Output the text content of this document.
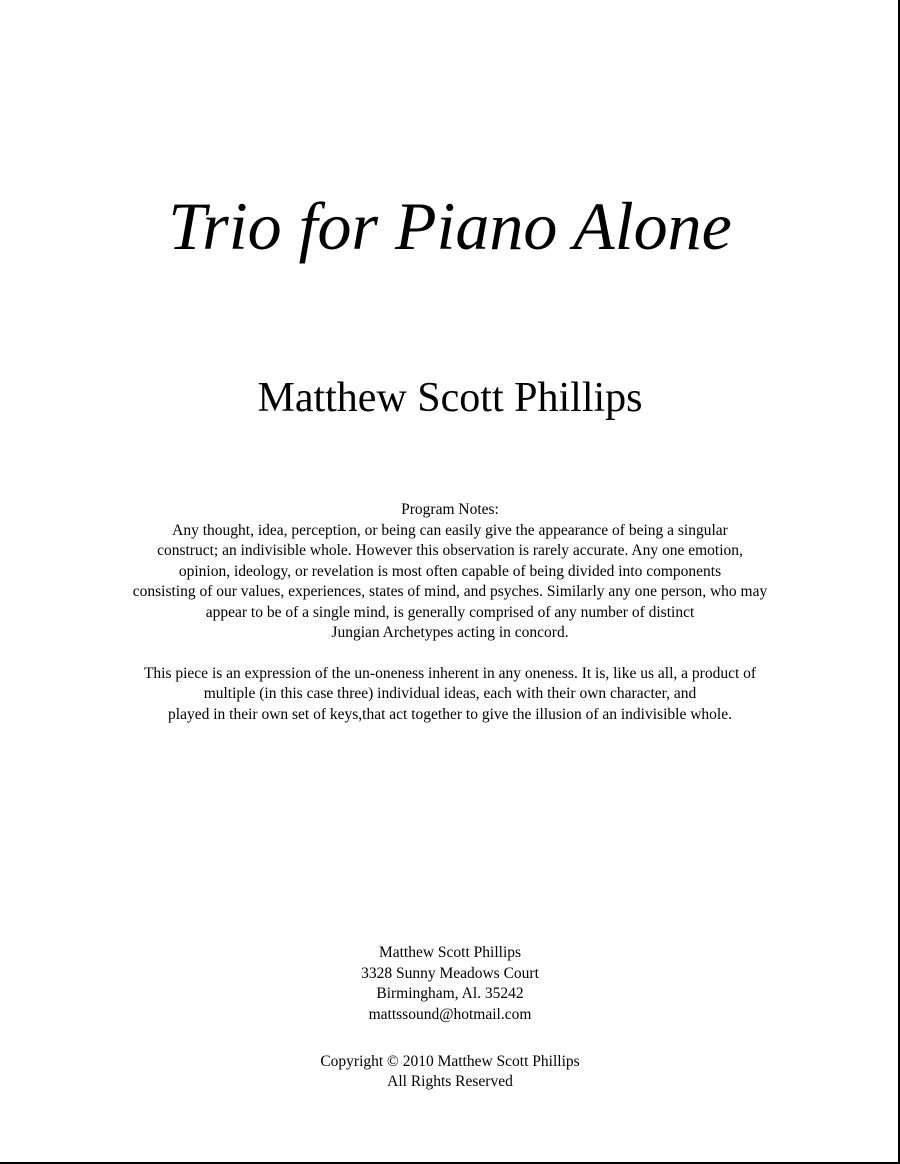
Trio for Piano Alone
Matthew Scott Phillips
Program Notes:
Any thought, idea, perception, or being can easily give the appearance of being a singular
construct; an indivisible whole. However this observation is rarely accurate. Any one emotion,
opinion, ideology, or revelation is most often capable of being divided into components
consisting of our values, experiences, states of mind, and psyches. Similarly any one person, who may
appear to be of a single mind, is generally comprised of any number of distinct
Jungian Archetypes acting in concord.
This piece is an expression of the un-oneness inherent in any oneness. It is, like us all, a product of
multiple (in this case three) individual ideas, each with their own character, and
played in their own set of keys,that act together to give the illusion of an indivisible whole.
Matthew Scott Phillips
3328 Sunny Meadows Court
Birmingham, Al. 35242
mattssound@hotmail.com
Copyright © 2010 Matthew Scott Phillips
All Rights Reserved
